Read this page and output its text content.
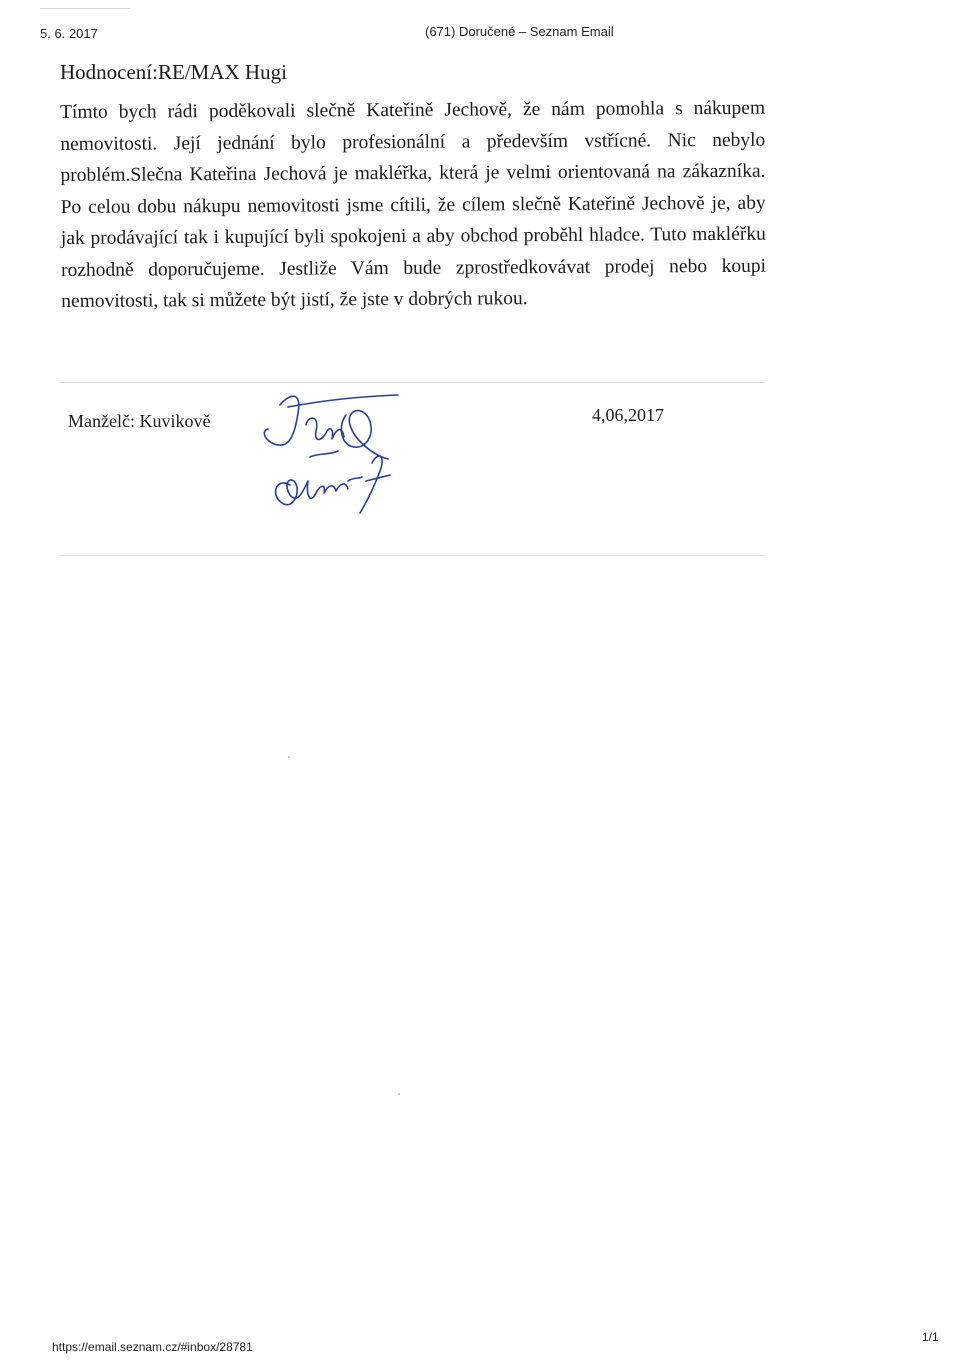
5. 6. 2017	(671) Doručené – Seznam Email
Hodnocení:RE/MAX Hugi
Tímto bych rádi poděkovali slečně Kateřině Jechově, že nám pomohla s nákupem nemovitosti. Její jednání bylo profesionální a především vstřícné. Nic nebylo problém.Slečna Kateřina Jechová je makléřka, která je velmi orientovaná na zákazníka. Po celou dobu nákupu nemovitosti jsme cítili, že cílem slečně Kateřině Jechově je, aby jak prodávající tak i kupující byli spokojeni a aby obchod proběhl hladce. Tuto makléřku rozhodně doporučujeme. Jestliže Vám bude zprostředkovávat prodej nebo koupi nemovitosti, tak si můžete být jistí, že jste v dobrých rukou.
Manželč: Kuvikově	4,06,2017
https://email.seznam.cz/#inbox/28781
1/1
